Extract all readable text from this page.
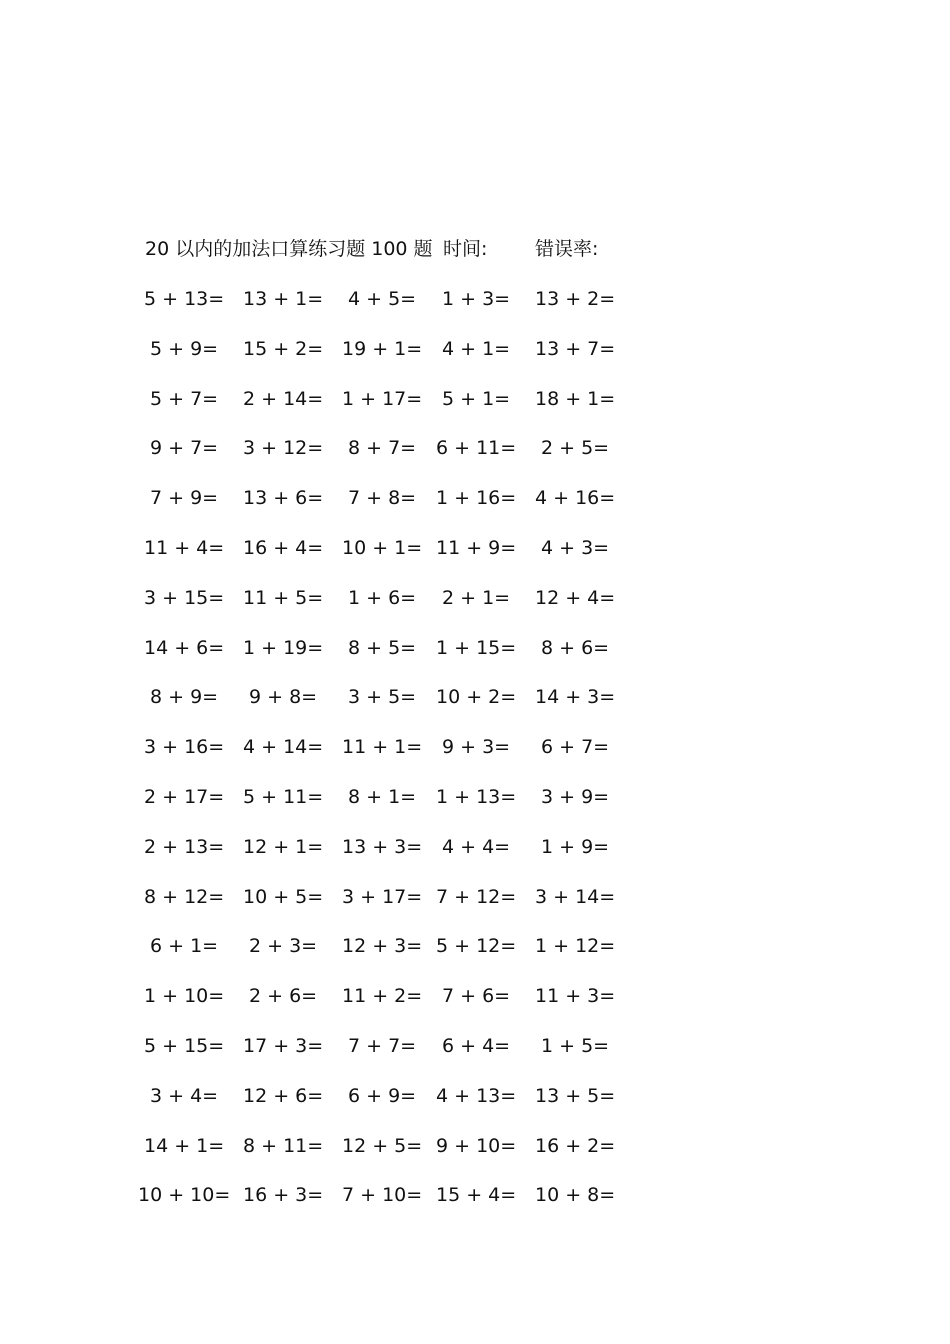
20 以内的加法口算练习题 100 题 时间:	错误率:
5 + 13= 13 + 1= 4 + 5= 1 + 3= 13 + 2=
5 + 9= 15 + 2= 19 + 1= 4 + 1= 13 + 7=
5 + 7= 2 + 14= 1 + 17= 5 + 1= 18 + 1=
9 + 7= 3 + 12= 8 + 7= 6 + 11= 2 + 5=
7 + 9= 13 + 6= 7 + 8= 1 + 16= 4 + 16=
11 + 4= 16 + 4= 10 + 1= 11 + 9= 4 + 3=
3 + 15= 11 + 5= 1 + 6= 2 + 1= 12 + 4=
14 + 6= 1 + 19= 8 + 5= 1 + 15= 8 + 6=
8 + 9= 9 + 8= 3 + 5= 10 + 2= 14 + 3=
3 + 16= 4 + 14= 11 + 1= 9 + 3= 6 + 7=
2 + 17= 5 + 11= 8 + 1= 1 + 13= 3 + 9=
2 + 13= 12 + 1= 13 + 3= 4 + 4= 1 + 9=
8 + 12= 10 + 5= 3 + 17= 7 + 12= 3 + 14=
6 + 1= 2 + 3= 12 + 3= 5 + 12= 1 + 12=
1 + 10= 2 + 6= 11 + 2= 7 + 6= 11 + 3=
5 + 15= 17 + 3= 7 + 7= 6 + 4= 1 + 5=
3 + 4= 12 + 6= 6 + 9= 4 + 13= 13 + 5=
14 + 1= 8 + 11= 12 + 5= 9 + 10= 16 + 2=
10 + 10= 16 + 3= 7 + 10= 15 + 4= 10 + 8=
